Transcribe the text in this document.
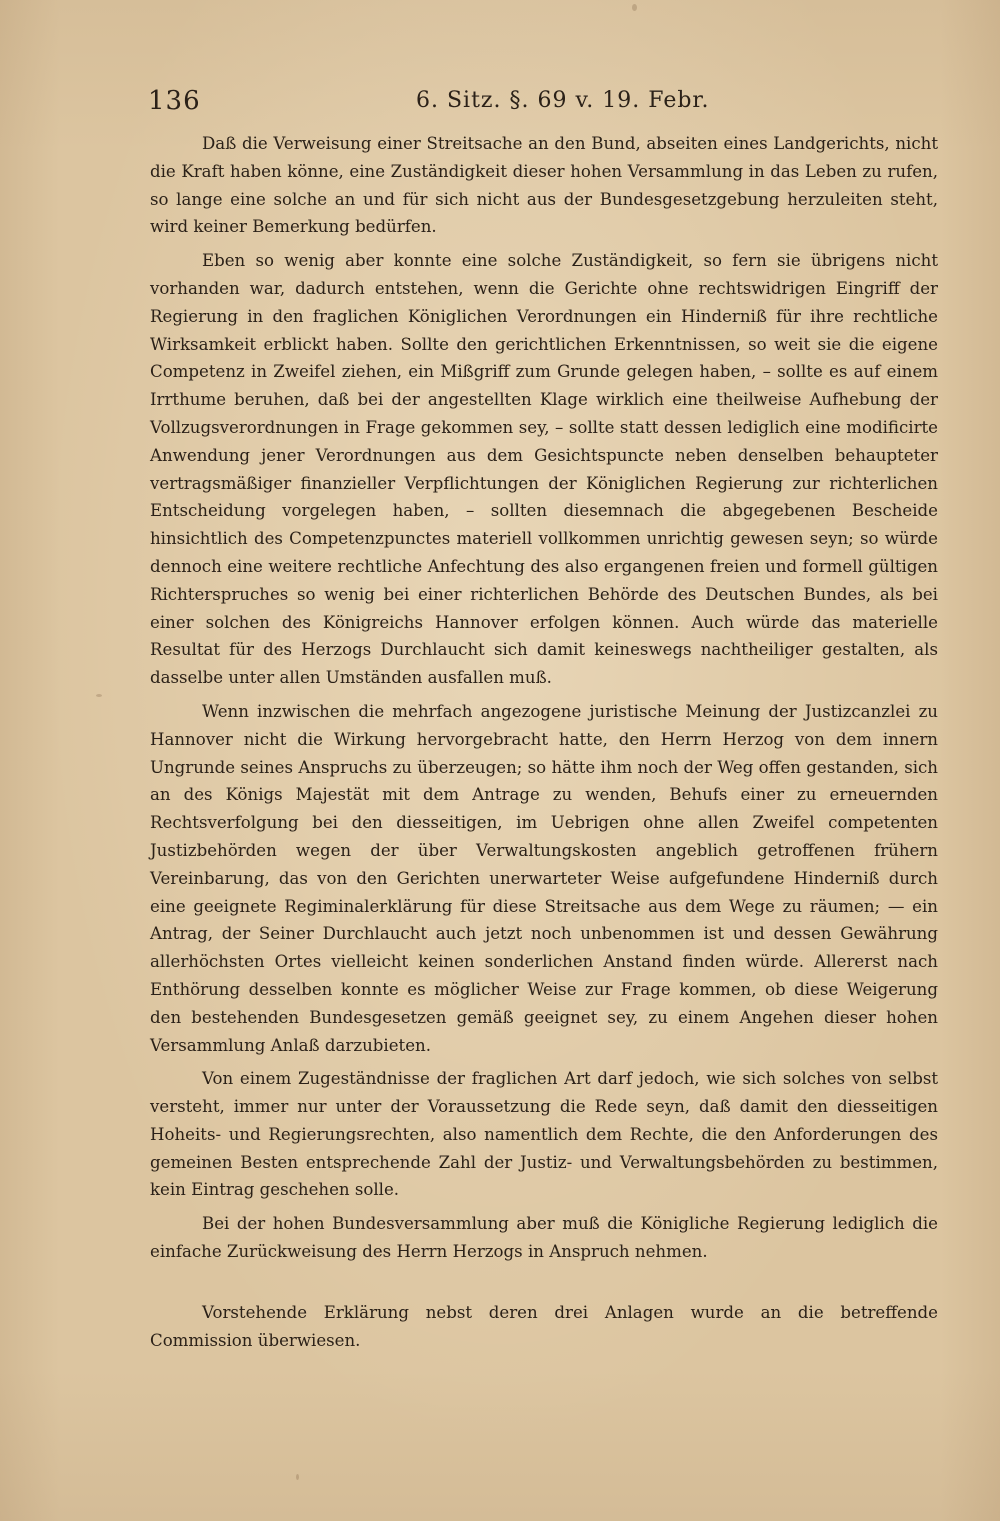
136	6. Sitz. §. 69 v. 19. Febr.

Daß die Verweisung einer Streitsache an den Bund, abseiten eines Landgerichts, nicht die Kraft haben könne, eine Zuständigkeit dieser hohen Versammlung in das Leben zu rufen, so lange eine solche an und für sich nicht aus der Bundesgesetzgebung herzuleiten steht, wird keiner Bemerkung bedürfen.

Eben so wenig aber konnte eine solche Zuständigkeit, so fern sie übrigens nicht vorhanden war, dadurch entstehen, wenn die Gerichte ohne rechtswidrigen Eingriff der Regierung in den fraglichen Königlichen Verordnungen ein Hinderniß für ihre rechtliche Wirksamkeit erblickt haben. Sollte den gerichtlichen Erkenntnissen, so weit sie die eigene Competenz in Zweifel ziehen, ein Mißgriff zum Grunde gelegen haben, – sollte es auf einem Irrthume beruhen, daß bei der angestellten Klage wirklich eine theilweise Aufhebung der Vollzugsverordnungen in Frage gekommen sey, – sollte statt dessen lediglich eine modificirte Anwendung jener Verordnungen aus dem Gesichtspuncte neben denselben behaupteter vertragsmäßiger finanzieller Verpflichtungen der Königlichen Regierung zur richterlichen Entscheidung vorgelegen haben, – sollten diesemnach die abgegebenen Bescheide hinsichtlich des Competenzpunctes materiell vollkommen unrichtig gewesen seyn; so würde dennoch eine weitere rechtliche Anfechtung des also ergangenen freien und formell gültigen Richterspruches so wenig bei einer richterlichen Behörde des Deutschen Bundes, als bei einer solchen des Königreichs Hannover erfolgen können. Auch würde das materielle Resultat für des Herzogs Durchlaucht sich damit keineswegs nachtheiliger gestalten, als dasselbe unter allen Umständen ausfallen muß.

Wenn inzwischen die mehrfach angezogene juristische Meinung der Justizcanzlei zu Hannover nicht die Wirkung hervorgebracht hatte, den Herrn Herzog von dem innern Ungrunde seines Anspruchs zu überzeugen; so hätte ihm noch der Weg offen gestanden, sich an des Königs Majestät mit dem Antrage zu wenden, Behufs einer zu erneuernden Rechtsverfolgung bei den diesseitigen, im Uebrigen ohne allen Zweifel competenten Justizbehörden wegen der über Verwaltungskosten angeblich getroffenen frühern Vereinbarung, das von den Gerichten unerwarteter Weise aufgefundene Hinderniß durch eine geeignete Regiminalerklärung für diese Streitsache aus dem Wege zu räumen; — ein Antrag, der Seiner Durchlaucht auch jetzt noch unbenommen ist und dessen Gewährung allerhöchsten Ortes vielleicht keinen sonderlichen Anstand finden würde. Allererst nach Enthörung desselben konnte es möglicher Weise zur Frage kommen, ob diese Weigerung den bestehenden Bundesgesetzen gemäß geeignet sey, zu einem Angehen dieser hohen Versammlung Anlaß darzubieten.

Von einem Zugeständnisse der fraglichen Art darf jedoch, wie sich solches von selbst versteht, immer nur unter der Voraussetzung die Rede seyn, daß damit den diesseitigen Hoheits- und Regierungsrechten, also namentlich dem Rechte, die den Anforderungen des gemeinen Besten entsprechende Zahl der Justiz- und Verwaltungsbehörden zu bestimmen, kein Eintrag geschehen solle.

Bei der hohen Bundesversammlung aber muß die Königliche Regierung lediglich die einfache Zurückweisung des Herrn Herzogs in Anspruch nehmen.

Vorstehende Erklärung nebst deren drei Anlagen wurde an die betreffende Commission überwiesen.
